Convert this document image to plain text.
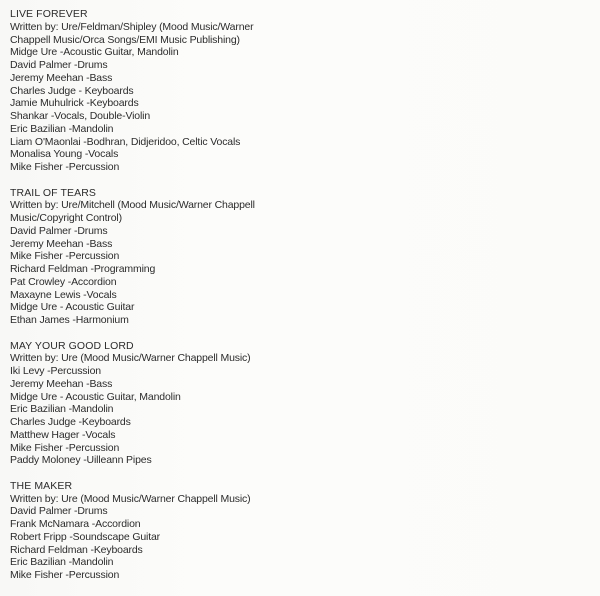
LIVE FOREVER

Written by: Ure/Feldman/Shipley (Mood Music/Warner

Chappell Music/Orca Songs/EMI Music Publishing)

Midge Ure -Acoustic Guitar, Mandolin

David Palmer -Drums

Jeremy Meehan -Bass

Charles Judge - Keyboards

Jamie Muhulrick -Keyboards

Shankar -Vocals, Double-Violin

Eric Bazilian -Mandolin

Liam O'Maonlai -Bodhran, Didjeridoo, Celtic Vocals

Monalisa Young -Vocals

Mike Fisher -Percussion

TRAIL OF TEARS

Written by: Ure/Mitchell (Mood Music/Warner Chappell

Music/Copyright Control)

David Palmer -Drums

Jeremy Meehan -Bass

Mike Fisher -Percussion

Richard Feldman -Programming

Pat Crowley -Accordion

Maxayne Lewis -Vocals

Midge Ure - Acoustic Guitar

Ethan James -Harmonium

MAY YOUR GOOD LORD

Written by: Ure (Mood Music/Warner Chappell Music)

Iki Levy -Percussion

Jeremy Meehan -Bass

Midge Ure - Acoustic Guitar, Mandolin

Eric Bazilian -Mandolin

Charles Judge -Keyboards

Matthew Hager -Vocals

Mike Fisher -Percussion

Paddy Moloney -Uilleann Pipes

THE MAKER

Written by: Ure (Mood Music/Warner Chappell Music)

David Palmer -Drums

Frank McNamara -Accordion

Robert Fripp -Soundscape Guitar

Richard Feldman -Keyboards

Eric Bazilian -Mandolin

Mike Fisher -Percussion
